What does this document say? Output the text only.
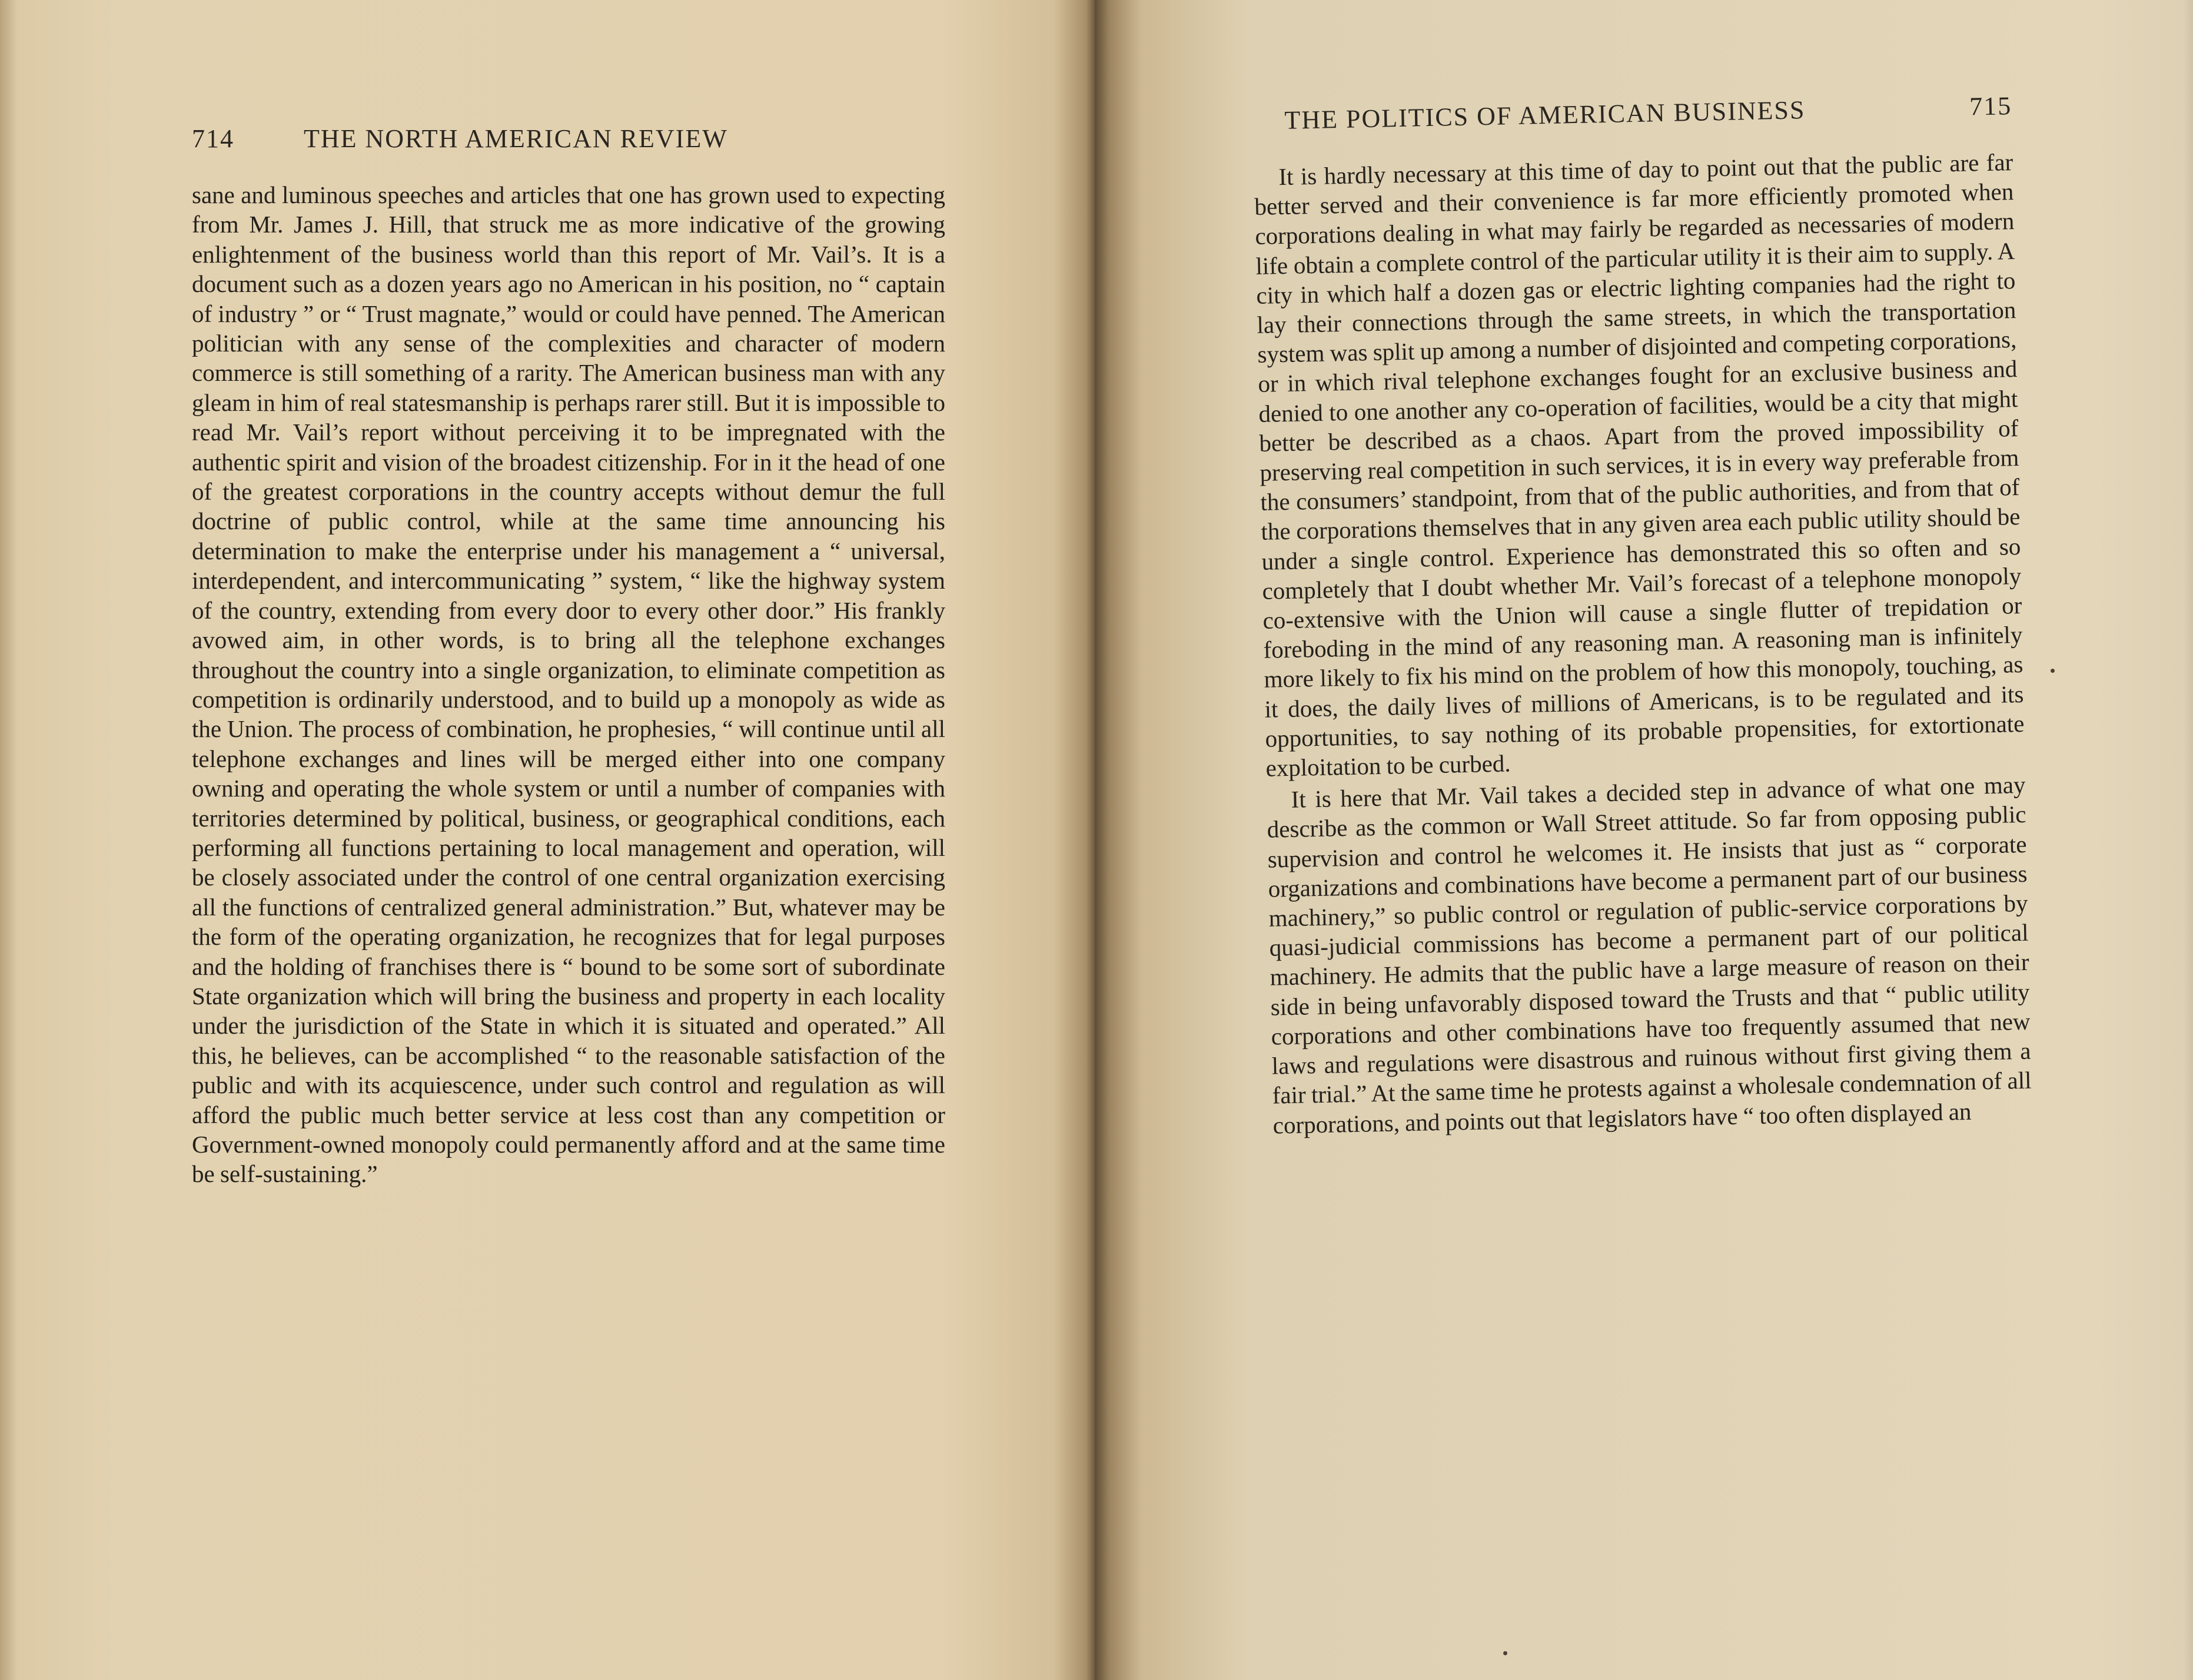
714	THE NORTH AMERICAN REVIEW

sane and luminous speeches and articles that one has grown used to expecting from Mr. James J. Hill, that struck me as more indicative of the growing enlightenment of the business world than this report of Mr. Vail’s. It is a document such as a dozen years ago no American in his position, no “ captain of industry ” or “ Trust magnate,” would or could have penned. The American politician with any sense of the complexities and character of modern commerce is still something of a rarity. The American business man with any gleam in him of real statesmanship is perhaps rarer still. But it is impossible to read Mr. Vail’s report without perceiving it to be impregnated with the authentic spirit and vision of the broadest citizenship. For in it the head of one of the greatest corporations in the country accepts without demur the full doctrine of public control, while at the same time announcing his determination to make the enterprise under his management a “ universal, interdependent, and intercommunicating ” system, “ like the highway system of the country, extending from every door to every other door.” His frankly avowed aim, in other words, is to bring all the telephone exchanges throughout the country into a single organization, to eliminate competition as competition is ordinarily understood, and to build up a monopoly as wide as the Union. The process of combination, he prophesies, “ will continue until all telephone exchanges and lines will be merged either into one company owning and operating the whole system or until a number of companies with territories determined by political, business, or geographical conditions, each performing all functions pertaining to local management and operation, will be closely associated under the control of one central organization exercising all the functions of centralized general administration.” But, whatever may be the form of the operating organization, he recognizes that for legal purposes and the holding of franchises there is “ bound to be some sort of subordinate State organization which will bring the business and property in each locality under the jurisdiction of the State in which it is situated and operated.” All this, he believes, can be accomplished “ to the reasonable satisfaction of the public and with its acquiescence, under such control and regulation as will afford the public much better service at less cost than any competition or Government-owned monopoly could permanently afford and at the same time be self-sustaining.”

THE POLITICS OF AMERICAN BUSINESS	715

It is hardly necessary at this time of day to point out that the public are far better served and their convenience is far more efficiently promoted when corporations dealing in what may fairly be regarded as necessaries of modern life obtain a complete control of the particular utility it is their aim to supply. A city in which half a dozen gas or electric lighting companies had the right to lay their connections through the same streets, in which the transportation system was split up among a number of disjointed and competing corporations, or in which rival telephone exchanges fought for an exclusive business and denied to one another any co-operation of facilities, would be a city that might better be described as a chaos. Apart from the proved impossibility of preserving real competition in such services, it is in every way preferable from the consumers’ standpoint, from that of the public authorities, and from that of the corporations themselves that in any given area each public utility should be under a single control. Experience has demonstrated this so often and so completely that I doubt whether Mr. Vail’s forecast of a telephone monopoly co-extensive with the Union will cause a single flutter of trepidation or foreboding in the mind of any reasoning man. A reasoning man is infinitely more likely to fix his mind on the problem of how this monopoly, touching, as it does, the daily lives of millions of Americans, is to be regulated and its opportunities, to say nothing of its probable propensities, for extortionate exploitation to be curbed.

It is here that Mr. Vail takes a decided step in advance of what one may describe as the common or Wall Street attitude. So far from opposing public supervision and control he welcomes it. He insists that just as “ corporate organizations and combinations have become a permanent part of our business machinery,” so public control or regulation of public-service corporations by quasi-judicial commissions has become a permanent part of our political machinery. He admits that the public have a large measure of reason on their side in being unfavorably disposed toward the Trusts and that “ public utility corporations and other combinations have too frequently assumed that new laws and regulations were disastrous and ruinous without first giving them a fair trial.” At the same time he protests against a wholesale condemnation of all corporations, and points out that legislators have “ too often displayed an
